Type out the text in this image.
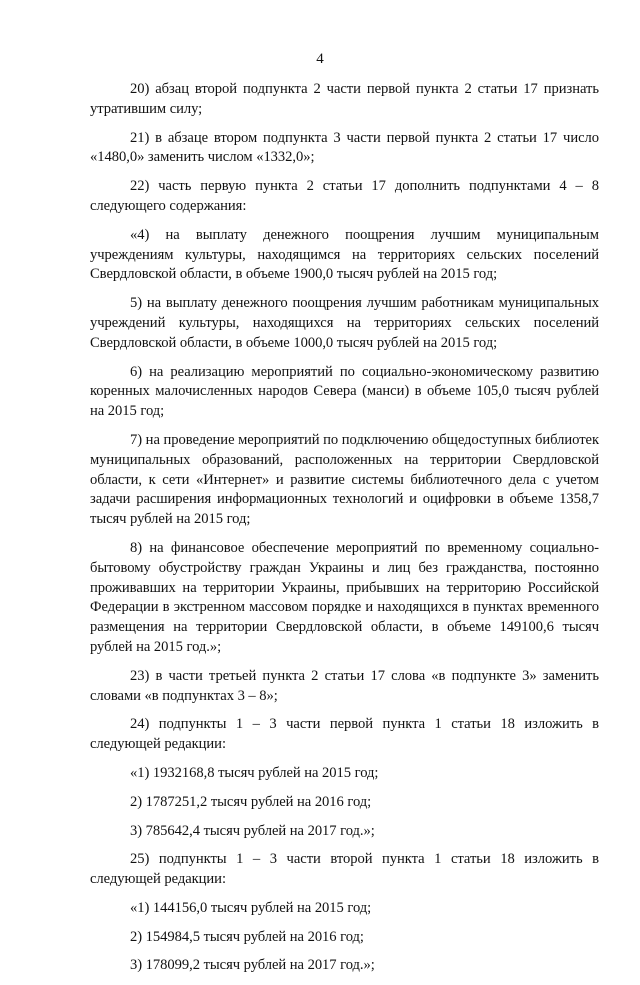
4

20) абзац второй подпункта 2 части первой пункта 2 статьи 17 признать утратившим силу;

21) в абзаце втором подпункта 3 части первой пункта 2 статьи 17 число «1480,0» заменить числом «1332,0»;

22) часть первую пункта 2 статьи 17 дополнить подпунктами 4 – 8 следующего содержания:

«4) на выплату денежного поощрения лучшим муниципальным учреждениям культуры, находящимся на территориях сельских поселений Свердловской области, в объеме 1900,0 тысяч рублей на 2015 год;

5) на выплату денежного поощрения лучшим работникам муниципальных учреждений культуры, находящихся на территориях сельских поселений Свердловской области, в объеме 1000,0 тысяч рублей на 2015 год;

6) на реализацию мероприятий по социально-экономическому развитию коренных малочисленных народов Севера (манси) в объеме 105,0 тысяч рублей на 2015 год;

7) на проведение мероприятий по подключению общедоступных библиотек муниципальных образований, расположенных на территории Свердловской области, к сети «Интернет» и развитие системы библиотечного дела с учетом задачи расширения информационных технологий и оцифровки в объеме 1358,7 тысяч рублей на 2015 год;

8) на финансовое обеспечение мероприятий по временному социально-бытовому обустройству граждан Украины и лиц без гражданства, постоянно проживавших на территории Украины, прибывших на территорию Российской Федерации в экстренном массовом порядке и находящихся в пунктах временного размещения на территории Свердловской области, в объеме 149100,6 тысяч рублей на 2015 год.»;

23) в части третьей пункта 2 статьи 17 слова «в подпункте 3» заменить словами «в подпунктах 3 – 8»;

24) подпункты 1 – 3 части первой пункта 1 статьи 18 изложить в следующей редакции:

«1) 1932168,8 тысяч рублей на 2015 год;

2) 1787251,2 тысяч рублей на 2016 год;

3) 785642,4 тысяч рублей на 2017 год.»;

25) подпункты 1 – 3 части второй пункта 1 статьи 18 изложить в следующей редакции:

«1) 144156,0 тысяч рублей на 2015 год;

2) 154984,5 тысяч рублей на 2016 год;

3) 178099,2 тысяч рублей на 2017 год.»;
